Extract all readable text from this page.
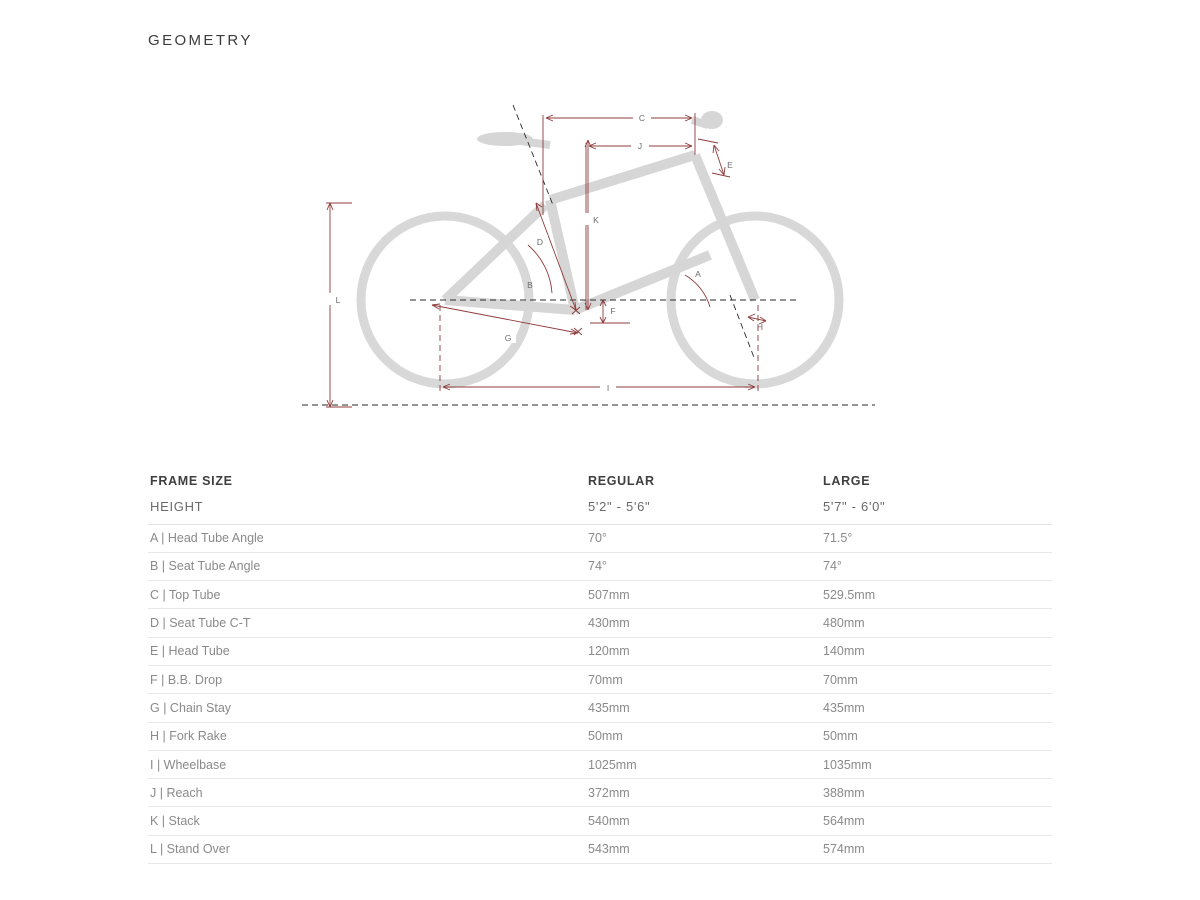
GEOMETRY
C
J
E
K
D
B
A
F
G
H
I
L
FRAME SIZE	REGULAR	LARGE
HEIGHT	5'2" - 5'6"	5'7" - 6'0"
A | Head Tube Angle	70°	71.5°
B | Seat Tube Angle	74°	74°
C | Top Tube	507mm	529.5mm
D | Seat Tube C-T	430mm	480mm
E | Head Tube	120mm	140mm
F | B.B. Drop	70mm	70mm
G | Chain Stay	435mm	435mm
H | Fork Rake	50mm	50mm
I | Wheelbase	1025mm	1035mm
J | Reach	372mm	388mm
K | Stack	540mm	564mm
L | Stand Over	543mm	574mm
